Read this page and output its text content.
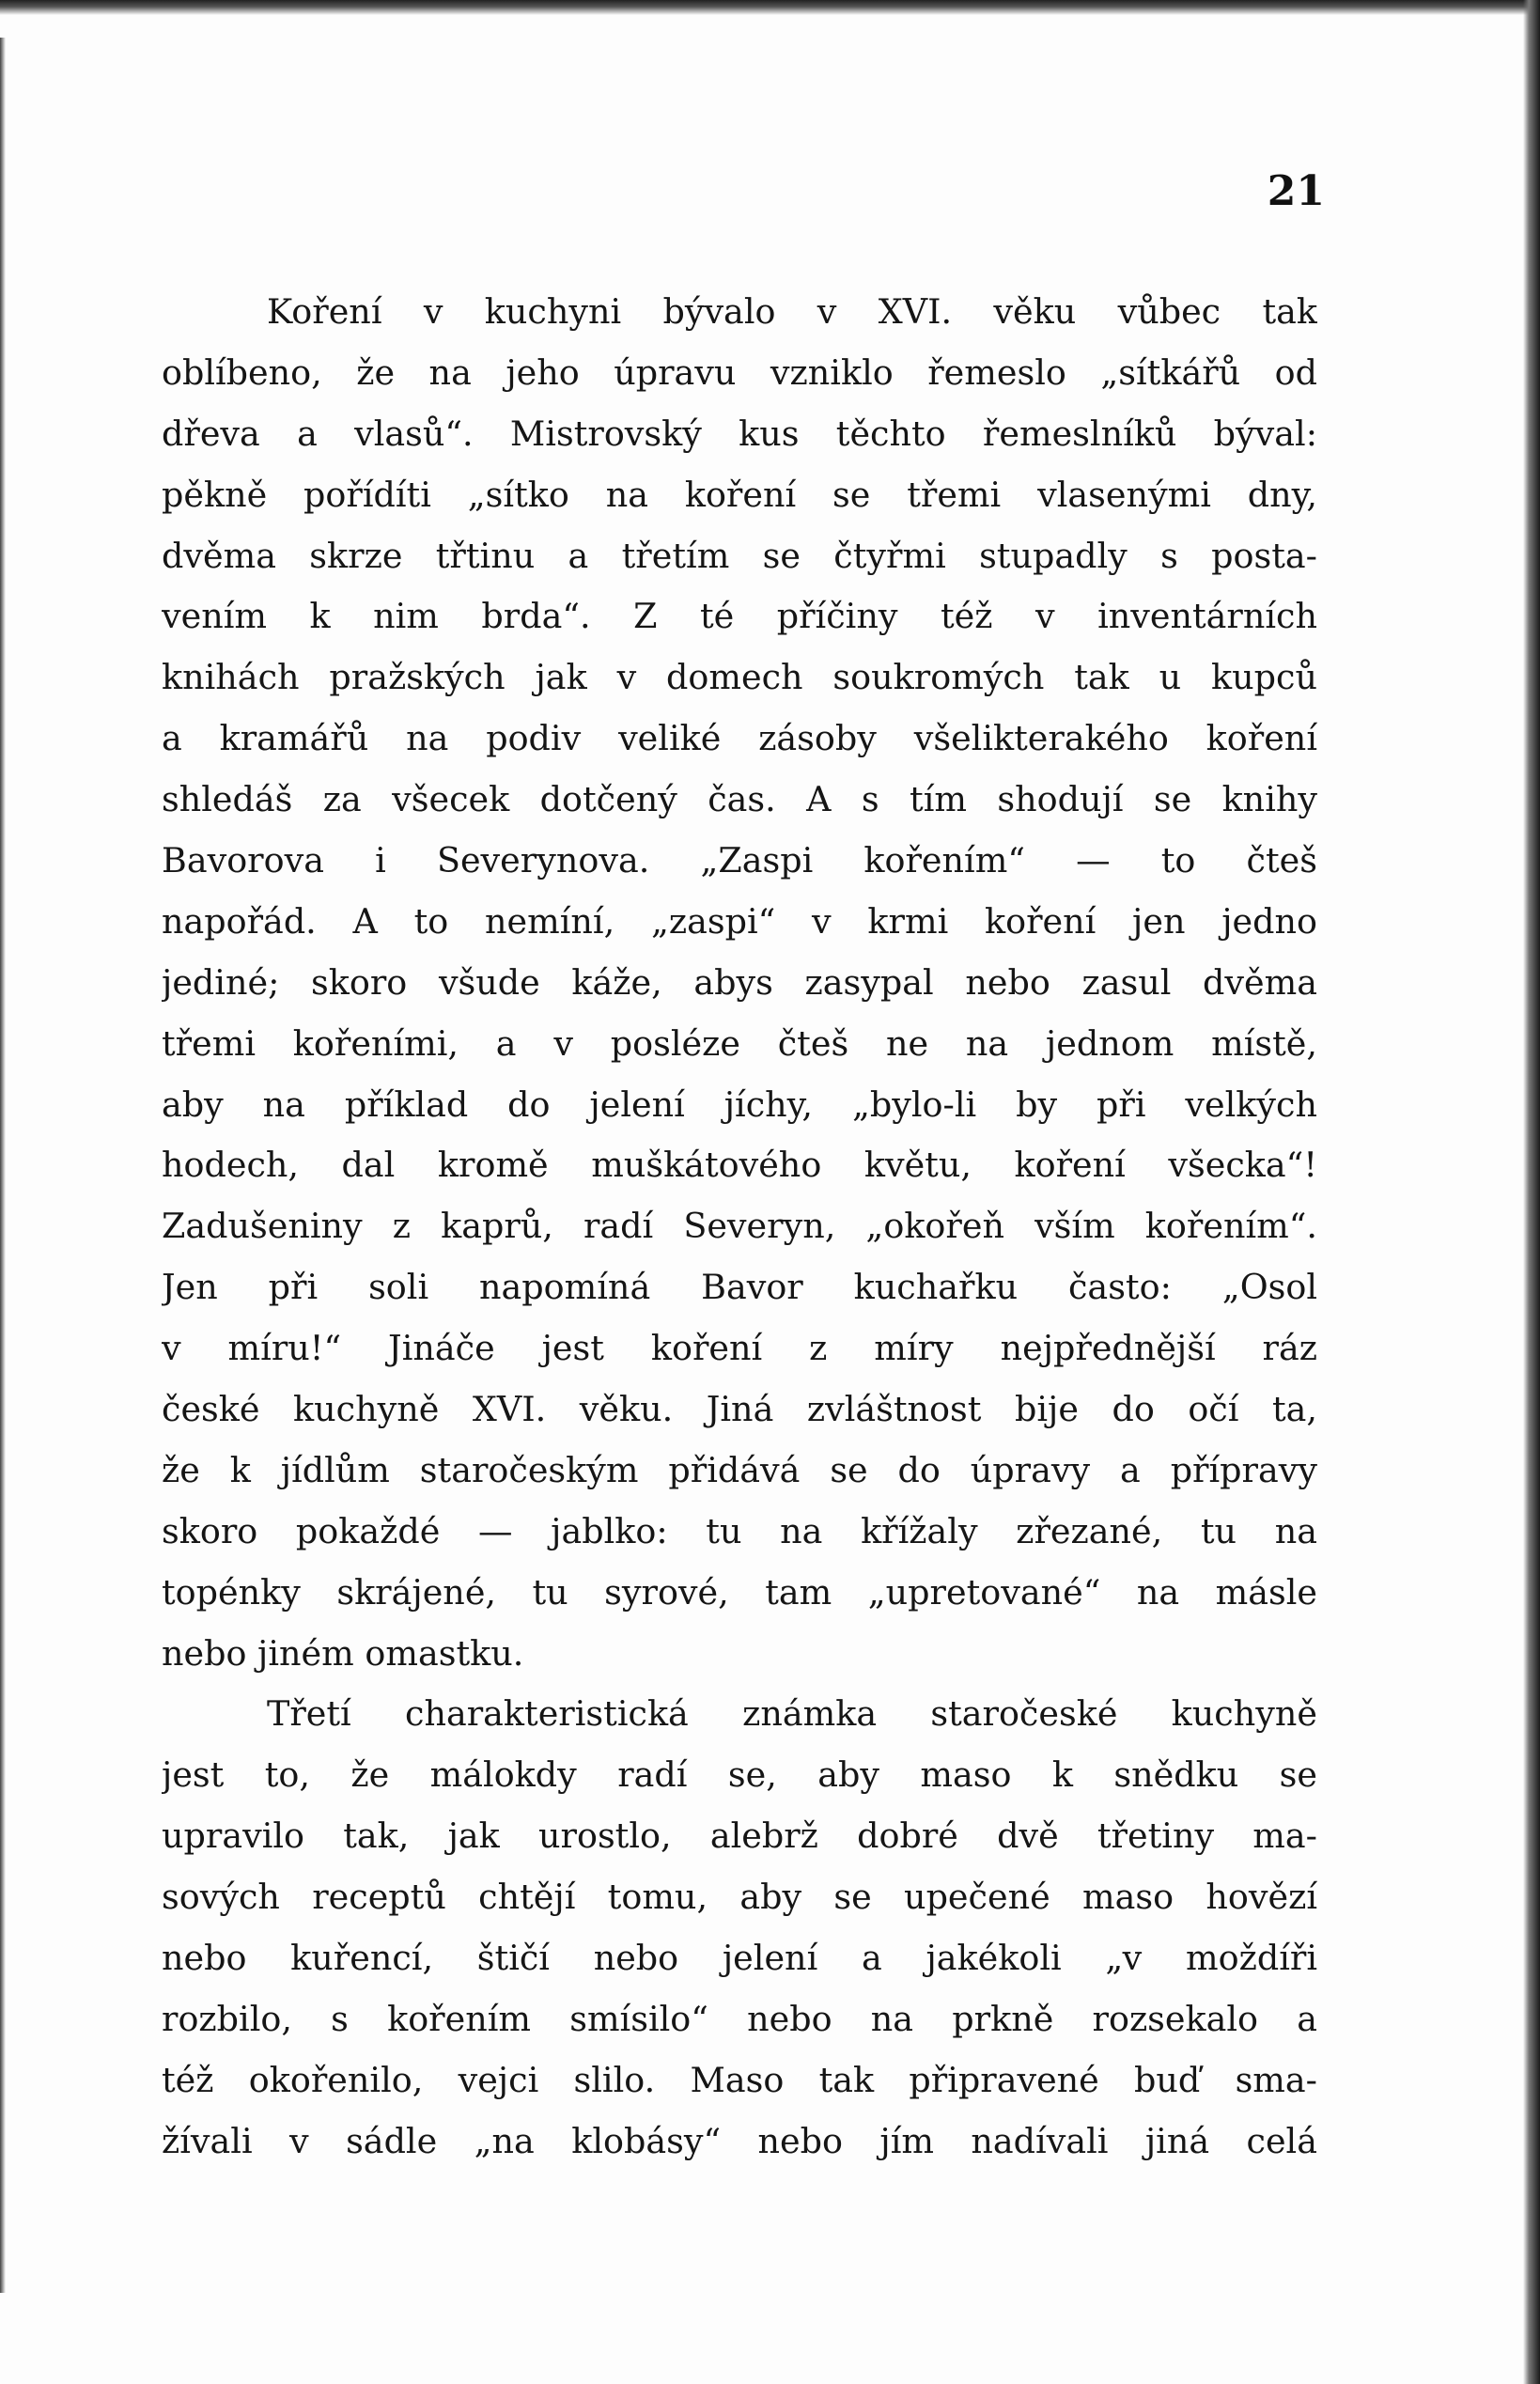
21
Koření v kuchyni bývalo v XVI. věku vůbec tak
oblíbeno, že na jeho úpravu vzniklo řemeslo „sítkářů od
dřeva a vlasů“. Mistrovský kus těchto řemeslníků býval:
pěkně pořídíti „sítko na koření se třemi vlasenými dny,
dvěma skrze třtinu a třetím se čtyřmi stupadly s posta-
vením k nim brda“. Z té příčiny též v inventárních
knihách pražských jak v domech soukromých tak u kupců
a kramářů na podiv veliké zásoby všelikterakého koření
shledáš za všecek dotčený čas. A s tím shodují se knihy
Bavorova i Severynova. „Zaspi kořením“ — to čteš
napořád. A to nemíní, „zaspi“ v krmi koření jen jedno
jediné; skoro všude káže, abys zasypal nebo zasul dvěma
třemi kořeními, a v posléze čteš ne na jednom místě,
aby na příklad do jelení jíchy, „bylo-li by při velkých
hodech, dal kromě muškátového květu, koření všecka“!
Zadušeniny z kaprů, radí Severyn, „okořeň vším kořením“.
Jen při soli napomíná Bavor kuchařku často: „Osol
v míru!“ Jináče jest koření z míry nejpřednější ráz
české kuchyně XVI. věku. Jiná zvláštnost bije do očí ta,
že k jídlům staročeským přidává se do úpravy a přípravy
skoro pokaždé — jablko: tu na křížaly zřezané, tu na
topénky skrájené, tu syrové, tam „upretované“ na másle
nebo jiném omastku.
Třetí charakteristická známka staročeské kuchyně
jest to, že málokdy radí se, aby maso k snědku se
upravilo tak, jak urostlo, alebrž dobré dvě třetiny ma-
sových receptů chtějí tomu, aby se upečené maso hovězí
nebo kuřencí, štičí nebo jelení a jakékoli „v moždíři
rozbilo, s kořením smísilo“ nebo na prkně rozsekalo a
též okořenilo, vejci slilo. Maso tak připravené buď sma-
žívali v sádle „na klobásy“ nebo jím nadívali jiná celá
